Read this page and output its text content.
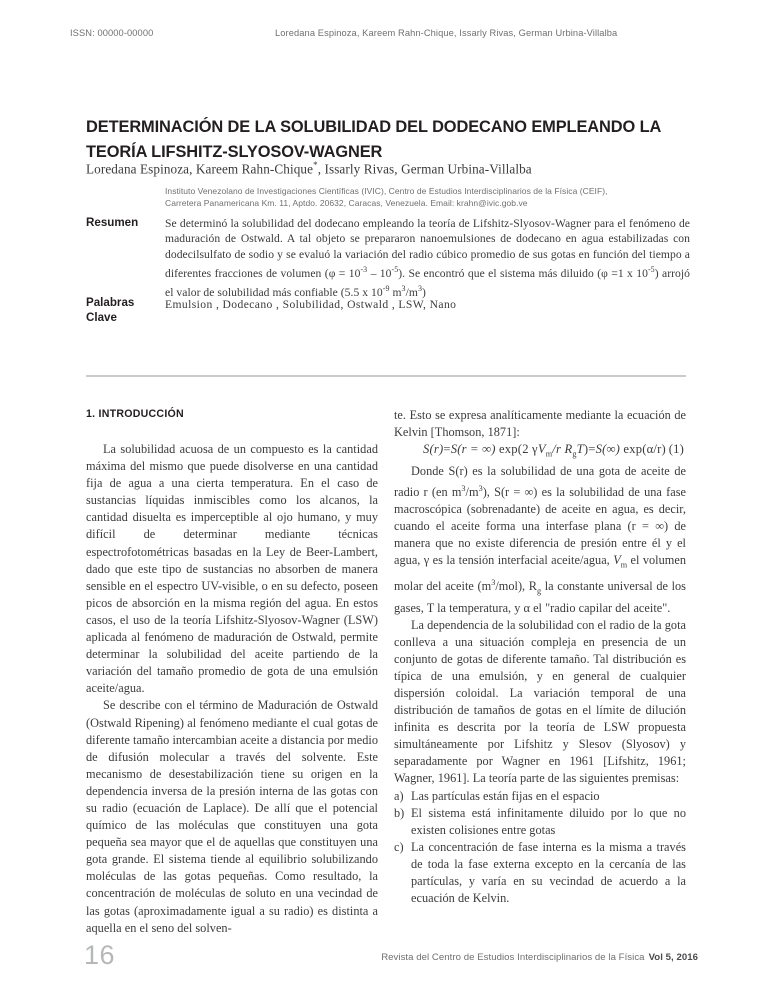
ISSN: 00000-00000	Loredana Espinoza, Kareem Rahn-Chique, Issarly Rivas, German Urbina-Villalba
DETERMINACIÓN DE LA SOLUBILIDAD DEL DODECANO EMPLEANDO LA TEORÍA LIFSHITZ-SLYOSOV-WAGNER
Loredana Espinoza, Kareem Rahn-Chique*, Issarly Rivas, German Urbina-Villalba
Instituto Venezolano de Investigaciones Científicas (IVIC), Centro de Estudios Interdisciplinarios de la Física (CEIF),
Carretera Panamericana Km. 11, Aptdo. 20632, Caracas, Venezuela. Email: krahn@ivic.gob.ve
Resumen	Se determinó la solubilidad del dodecano empleando la teoría de Lifshitz-Slyosov-Wagner para el fenómeno de maduración de Ostwald. A tal objeto se prepararon nanoemulsiones de dodecano en agua estabilizadas con dodecilsulfato de sodio y se evaluó la variación del radio cúbico promedio de sus gotas en función del tiempo a diferentes fracciones de volumen $(\varphi = 10^{-3} - 10^{-5})$. Se encontró que el sistema más diluido (φ =1 x $10^{-5}$) arrojó el valor de solubilidad más confiable (5.5 x $10^{-9}$ $m^3/m^3$)
Palabras
Clave
Emulsion , Dodecano , Solubilidad, Ostwald , LSW, Nano
1. INTRODUCCIÓN

La solubilidad acuosa de un compuesto es la cantidad máxima del mismo que puede disolverse en una cantidad fija de agua a una cierta temperatura. En el caso de sustancias líquidas inmiscibles como los alcanos, la cantidad disuelta es imperceptible al ojo humano, y muy difícil de determinar mediante técnicas espectrofotométricas basadas en la Ley de Beer-Lambert, dado que este tipo de sustancias no absorben de manera sensible en el espectro UV-visible, o en su defecto, poseen picos de absorción en la misma región del agua. En estos casos, el uso de la teoría Lifshitz-Slyosov-Wagner (LSW) aplicada al fenómeno de maduración de Ostwald, permite determinar la solubilidad del aceite partiendo de la variación del tamaño promedio de gota de una emulsión aceite/agua.

Se describe con el término de Maduración de Ostwald (Ostwald Ripening) al fenómeno mediante el cual gotas de diferente tamaño intercambian aceite a distancia por medio de difusión molecular a través del solvente. Este mecanismo de desestabilización tiene su origen en la dependencia inversa de la presión interna de las gotas con su radio (ecuación de Laplace). De allí que el potencial químico de las moléculas que constituyen una gota pequeña sea mayor que el de aquellas que constituyen una gota grande. El sistema tiende al equilibrio solubilizando moléculas de las gotas pequeñas. Como resultado, la concentración de moléculas de soluto en una vecindad de las gotas (aproximadamente igual a su radio) es distinta a aquella en el seno del solven-

te. Esto se expresa analíticamente mediante la ecuación de Kelvin [Thomson, 1871]:

S(r)=S(r = ∞) exp(2 $\gamma V_m/r$ $R_gT)=S(\infty)$ exp(α/r) (1)

Donde S(r) es la solubilidad de una gota de aceite de radio r (en $m^3/m^3$), S(r = ∞) es la solubilidad de una fase macroscópica (sobrenadante) de aceite en agua, es decir, cuando el aceite forma una interfase plana (r = ∞) de manera que no existe diferencia de presión entre él y el agua, γ es la tensión interfacial aceite/agua, $V_m$ el volumen molar del aceite $(m^3/mol)$, $R_g$ la constante universal de los gases, T la temperatura, y α el "radio capilar del aceite".

La dependencia de la solubilidad con el radio de la gota conlleva a una situación compleja en presencia de un conjunto de gotas de diferente tamaño. Tal distribución es típica de una emulsión, y en general de cualquier dispersión coloidal. La variación temporal de una distribución de tamaños de gotas en el límite de dilución infinita es descrita por la teoría de LSW propuesta simultáneamente por Lifshitz y Slesov (Slyosov) y separadamente por Wagner en 1961 [Lifshitz, 1961; Wagner, 1961]. La teoría parte de las siguientes premisas:

a) Las partículas están fijas en el espacio
b) El sistema está infinitamente diluido por lo que no existen colisiones entre gotas
c) La concentración de fase interna es la misma a través de toda la fase externa excepto en la cercanía de las partículas, y varía en su vecindad de acuerdo a la ecuación de Kelvin.
16	Revista del Centro de Estudios Interdisciplinarios de la Física Vol 5, 2016
